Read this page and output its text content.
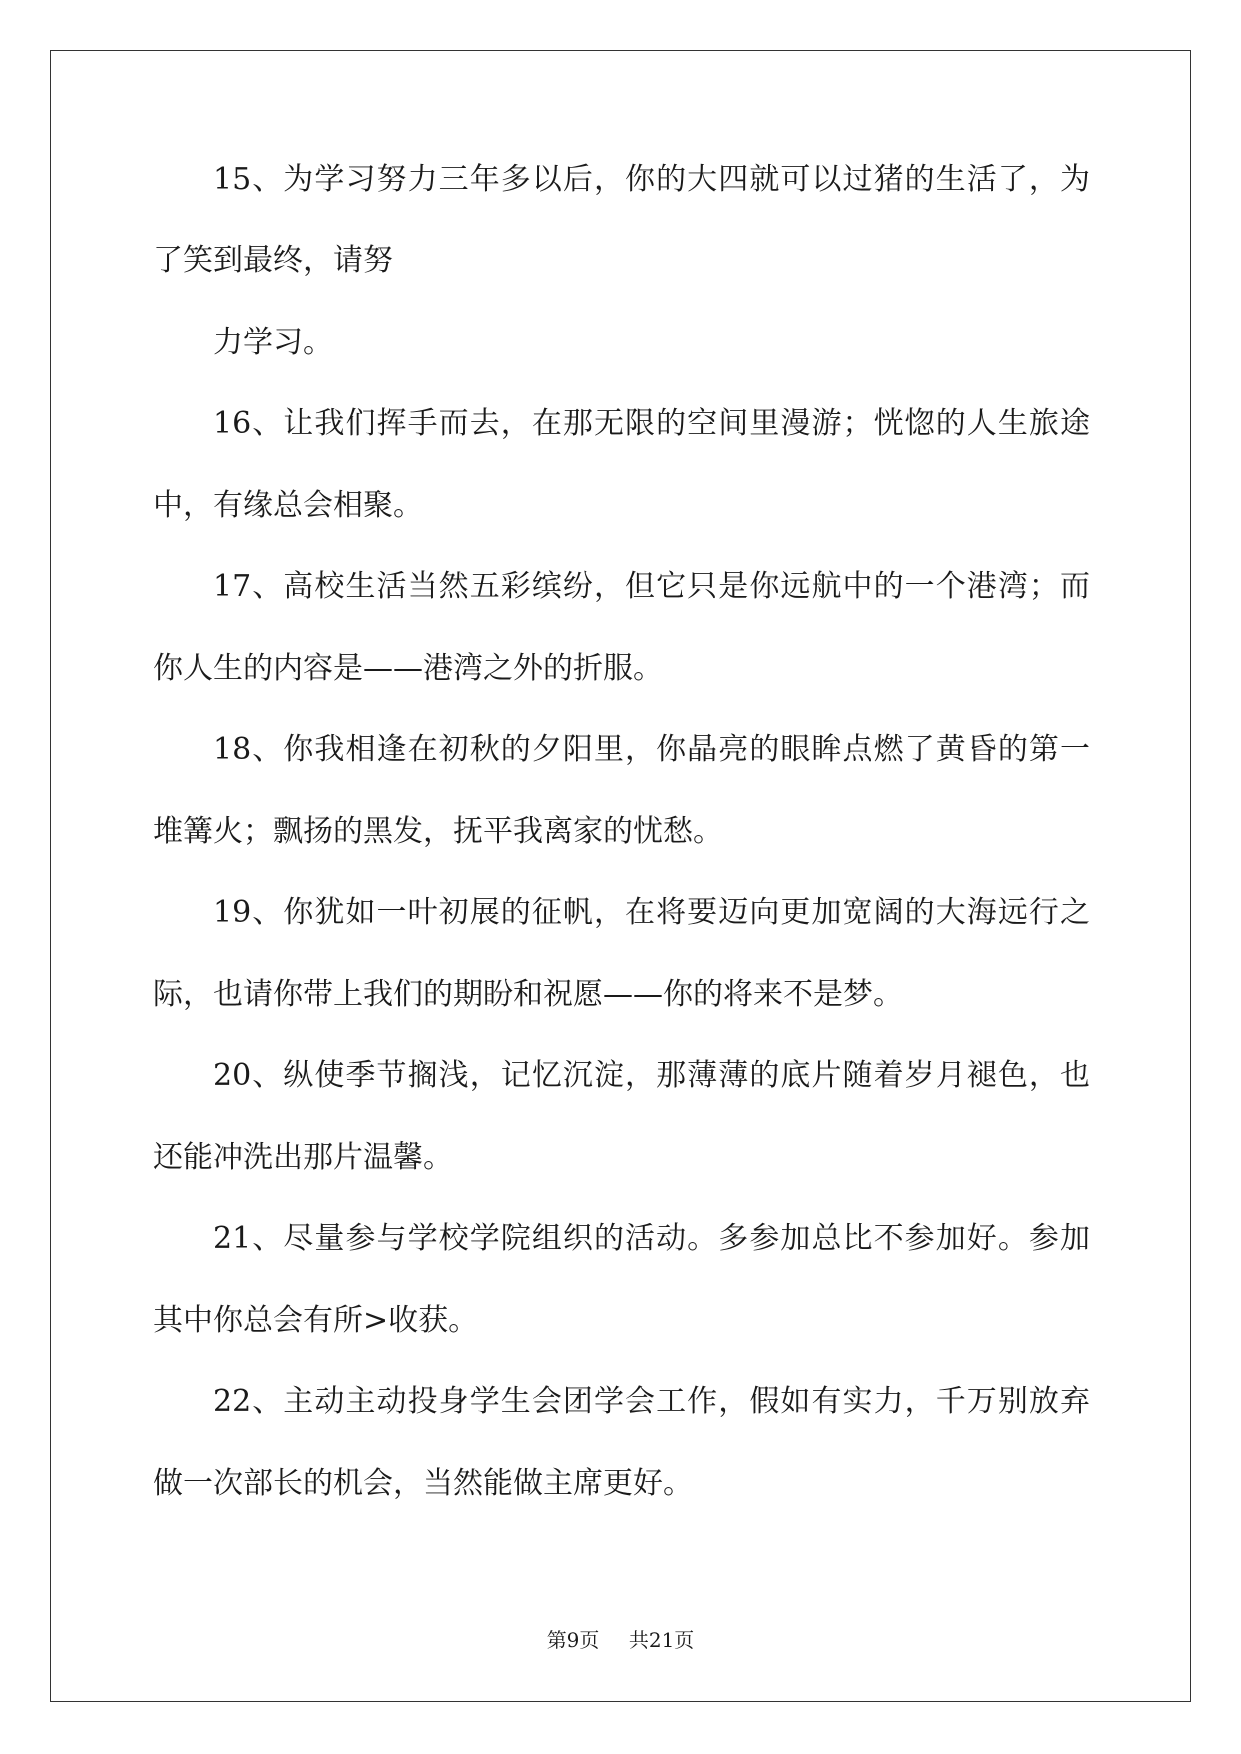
15、为学习努力三年多以后，你的大四就可以过猪的生活了，为
了笑到最终，请努
力学习。
16、让我们挥手而去，在那无限的空间里漫游；恍惚的人生旅途
中，有缘总会相聚。
17、高校生活当然五彩缤纷，但它只是你远航中的一个港湾；而
你人生的内容是——港湾之外的折服。
18、你我相逢在初秋的夕阳里，你晶亮的眼眸点燃了黄昏的第一
堆篝火；飘扬的黑发，抚平我离家的忧愁。
19、你犹如一叶初展的征帆，在将要迈向更加宽阔的大海远行之
际，也请你带上我们的期盼和祝愿——你的将来不是梦。
20、纵使季节搁浅，记忆沉淀，那薄薄的底片随着岁月褪色，也
还能冲洗出那片温馨。
21、尽量参与学校学院组织的活动。多参加总比不参加好。参加
其中你总会有所>收获。
22、主动主动投身学生会团学会工作，假如有实力，千万别放弃
做一次部长的机会，当然能做主席更好。
第9页 共21页
